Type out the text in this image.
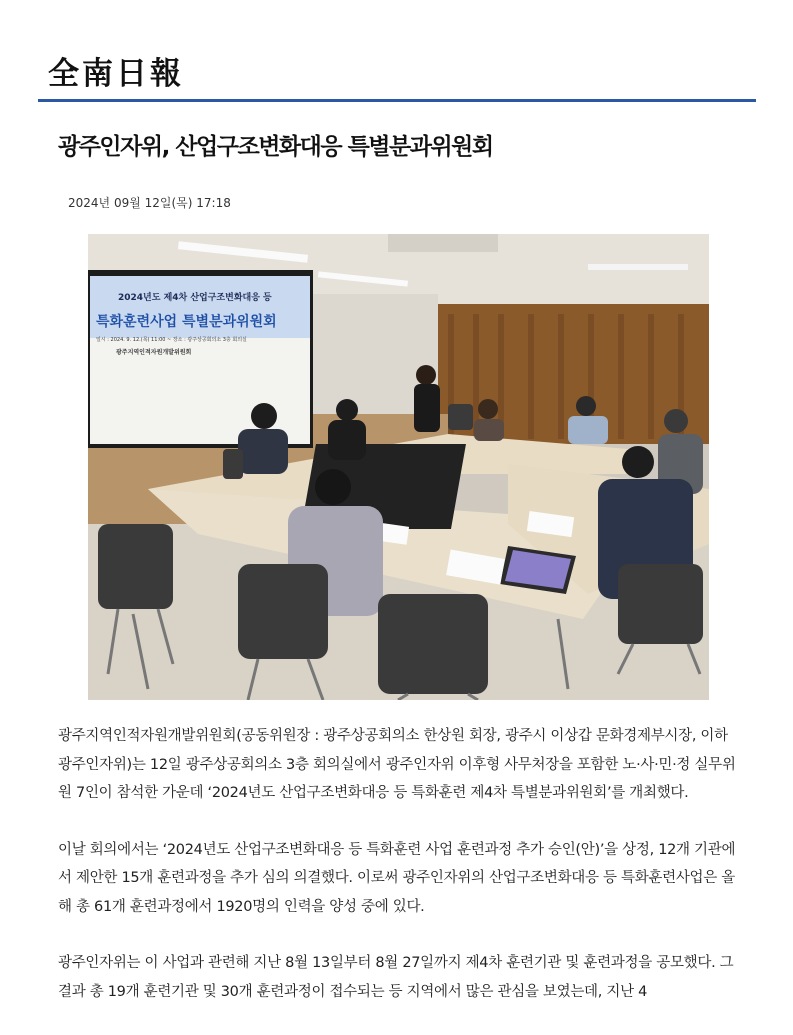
全南日報
광주인자위, 산업구조변화대응 특별분과위원회
2024년 09월 12일(목) 17:18
2024년도 제4차 산업구조변화대응 등
특화훈련사업 특별분과위원회
일시 : 2024. 9. 12.(목) 11:00 ~ 장소 : 광주상공회의소 3층 회의실
광주지역인적자원개발위원회

광주지역인적자원개발위원회(공동위원장 : 광주상공회의소 한상원 회장, 광주시 이상갑 문화경제부시장, 이하 광주인자위)는 12일 광주상공회의소 3층 회의실에서 광주인자위 이후형 사무처장을 포함한 노·사·민·정 실무위원 7인이 참석한 가운데 ‘2024년도 산업구조변화대응 등 특화훈련 제4차 특별분과위원회’를 개최했다.

이날 회의에서는 ‘2024년도 산업구조변화대응 등 특화훈련 사업 훈련과정 추가 승인(안)’을 상정, 12개 기관에서 제안한 15개 훈련과정을 추가 심의 의결했다. 이로써 광주인자위의 산업구조변화대응 등 특화훈련사업은 올해 총 61개 훈련과정에서 1920명의 인력을 양성 중에 있다.

광주인자위는 이 사업과 관련해 지난 8월 13일부터 8월 27일까지 제4차 훈련기관 및 훈련과정을 공모했다. 그 결과 총 19개 훈련기관 및 30개 훈련과정이 접수되는 등 지역에서 많은 관심을 보였는데, 지난 4
